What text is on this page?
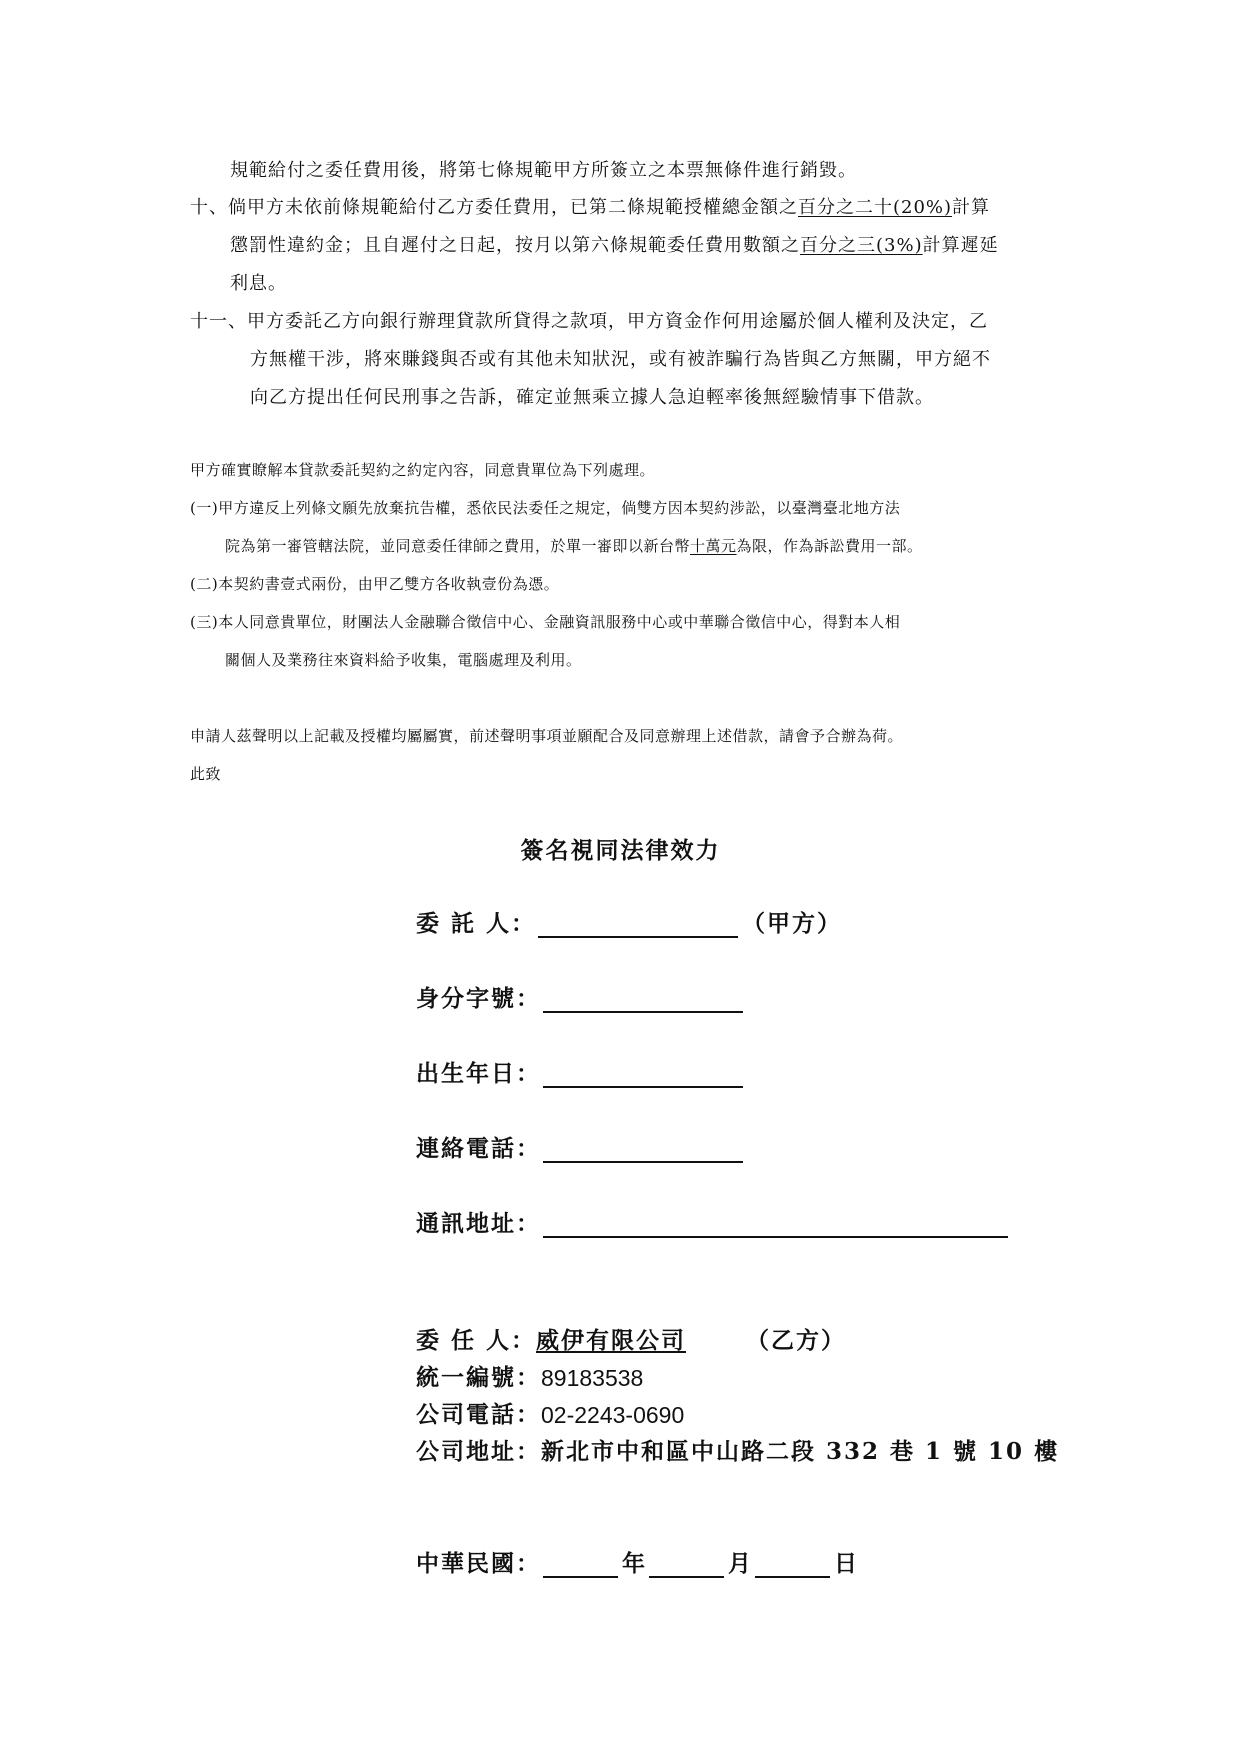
規範給付之委任費用後，將第七條規範甲方所簽立之本票無條件進行銷毀。
十、倘甲方未依前條規範給付乙方委任費用，已第二條規範授權總金額之百分之二十(20%)計算
懲罰性違約金；且自遲付之日起，按月以第六條規範委任費用數額之百分之三(3%)計算遲延
利息。
十一、甲方委託乙方向銀行辦理貸款所貸得之款項，甲方資金作何用途屬於個人權利及決定，乙
方無權干涉，將來賺錢與否或有其他未知狀況，或有被詐騙行為皆與乙方無關，甲方絕不
向乙方提出任何民刑事之告訴，確定並無乘立據人急迫輕率後無經驗情事下借款。
甲方確實瞭解本貸款委託契約之約定內容，同意貴單位為下列處理。
(一)甲方違反上列條文願先放棄抗告權，悉依民法委任之規定，倘雙方因本契約涉訟，以臺灣臺北地方法
院為第一審管轄法院，並同意委任律師之費用，於單一審即以新台幣十萬元為限，作為訴訟費用一部。
(二)本契約書壹式兩份，由甲乙雙方各收執壹份為憑。
(三)本人同意貴單位，財團法人金融聯合徵信中心、金融資訊服務中心或中華聯合徵信中心，得對本人相
關個人及業務往來資料給予收集，電腦處理及利用。
申請人茲聲明以上記載及授權均屬屬實，前述聲明事項並願配合及同意辦理上述借款，請會予合辦為荷。
此致
簽名視同法律效力
委 託 人：	（甲方）
身分字號：
出生年日：
連絡電話：
通訊地址：
委 任 人： 威伊有限公司	（乙方）
統一編號： 89183538
公司電話： 02-2243-0690
公司地址： 新北市中和區中山路二段 332 巷 1 號 10 樓
中華民國：	年	月	日
